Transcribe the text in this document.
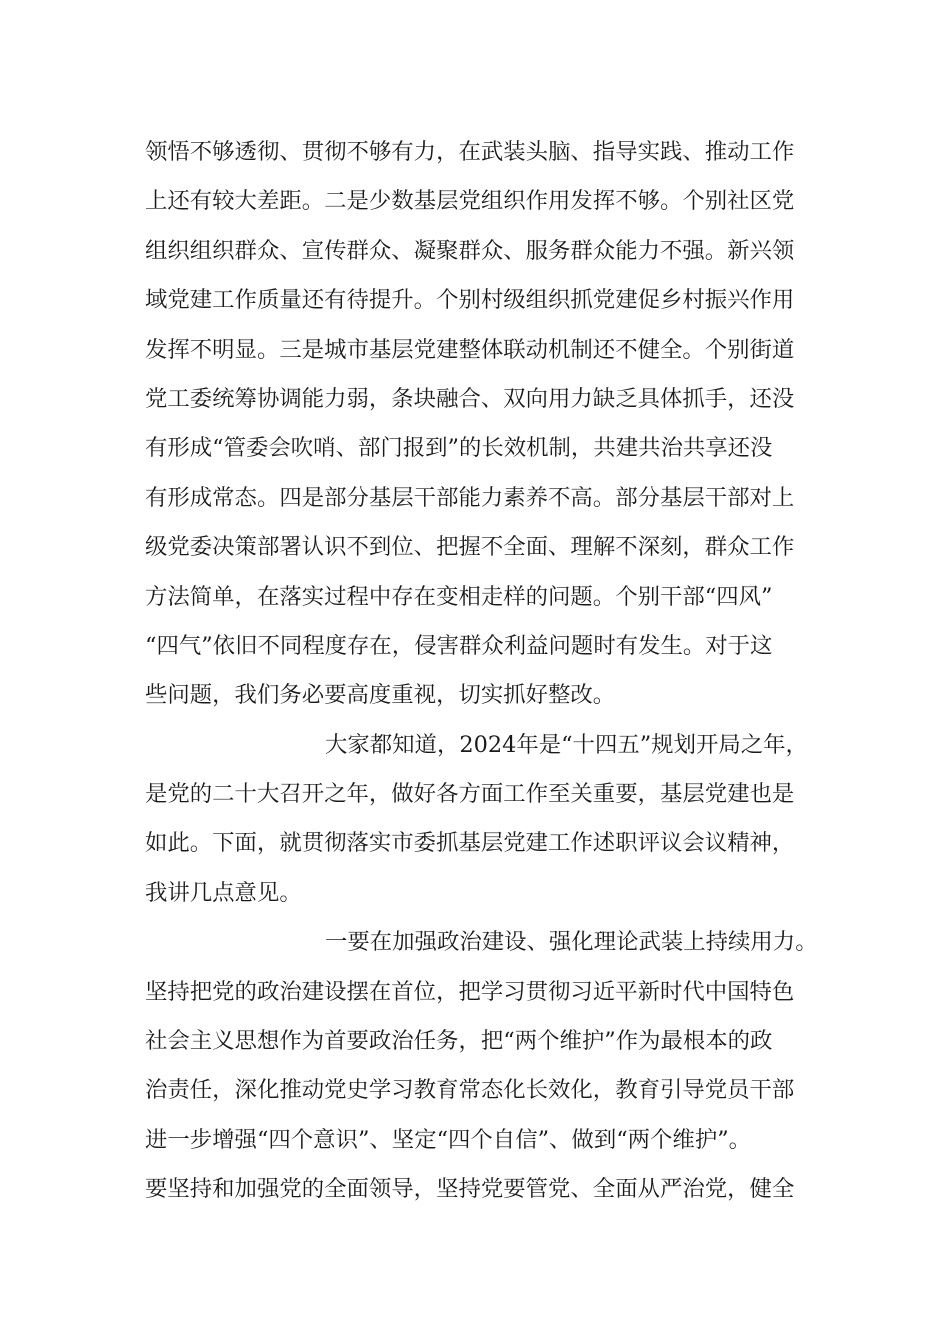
领悟不够透彻、贯彻不够有力，在武装头脑、指导实践、推动工作
上还有较大差距。二是少数基层党组织作用发挥不够。个别社区党
组织组织群众、宣传群众、凝聚群众、服务群众能力不强。新兴领
域党建工作质量还有待提升。个别村级组织抓党建促乡村振兴作用
发挥不明显。三是城市基层党建整体联动机制还不健全。个别街道
党工委统筹协调能力弱，条块融合、双向用力缺乏具体抓手，还没
有形成“管委会吹哨、部门报到”的长效机制，共建共治共享还没
有形成常态。四是部分基层干部能力素养不高。部分基层干部对上
级党委决策部署认识不到位、把握不全面、理解不深刻，群众工作
方法简单，在落实过程中存在变相走样的问题。个别干部“四风”
“四气”依旧不同程度存在，侵害群众利益问题时有发生。对于这
些问题，我们务必要高度重视，切实抓好整改。
大家都知道，2024年是“十四五”规划开局之年，
是党的二十大召开之年，做好各方面工作至关重要，基层党建也是
如此。下面，就贯彻落实市委抓基层党建工作述职评议会议精神，
我讲几点意见。
一要在加强政治建设、强化理论武装上持续用力。
坚持把党的政治建设摆在首位，把学习贯彻习近平新时代中国特色
社会主义思想作为首要政治任务，把“两个维护”作为最根本的政
治责任，深化推动党史学习教育常态化长效化，教育引导党员干部
进一步增强“四个意识”、坚定“四个自信”、做到“两个维护”。
要坚持和加强党的全面领导，坚持党要管党、全面从严治党，健全
